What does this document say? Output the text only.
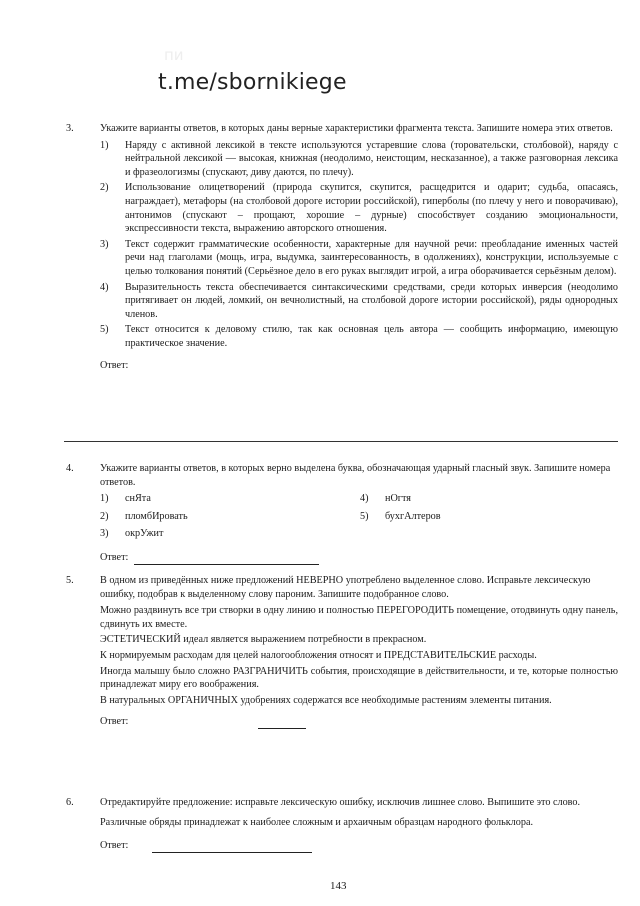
пи
t.me/sbornikiege
3.	Укажите варианты ответов, в которых даны верные характеристики фрагмента текста. Запишите номера этих ответов.

1)	Наряду с активной лексикой в тексте используются устаревшие слова (торовательски, столбовой), наряду с нейтральной лексикой — высокая, книжная (неодолимо, неистощим, несказанное), а также разговорная лексика и фразеологизмы (спускают, диву даются, по плечу).
2)	Использование олицетворений (природа скупится, скупится, расщедрится и одарит; судьба, опасаясь, награждает), метафоры (на столбовой дороге истории российской), гиперболы (по плечу у него и поворачиваю), антонимов (спускают – прощают, хорошие – дурные) способствует созданию эмоциональности, экспрессивности текста, выражению авторского отношения.
3)	Текст содержит грамматические особенности, характерные для научной речи: преобладание именных частей речи над глаголами (мощь, игра, выдумка, заинтересованность, в одолжениях), конструкции, используемые с целью толкования понятий (Серьёзное дело в его руках выглядит игрой, а игра оборачивается серьёзным делом).
4)	Выразительность текста обеспечивается синтаксическими средствами, среди которых инверсия (неодолимо притягивает он людей, ломкий, он вечнолистный, на столбовой дороге истории российской), ряды однородных членов.
5)	Текст относится к деловому стилю, так как основная цель автора — сообщить информацию, имеющую практическое значение.
Ответ:
4.	Укажите варианты ответов, в которых верно выделена буква, обозначающая ударный гласный звук. Запишите номера ответов.

1)	снЯта	4)	нОгтя
2)	пломбИровать	5)	бухгАлтеров
3)	окрУжит
Ответ:
5.	В одном из приведённых ниже предложений НЕВЕРНО употреблено выделенное слово. Исправьте лексическую ошибку, подобрав к выделенному слову пароним. Запишите подобранное слово.

Можно раздвинуть все три створки в одну линию и полностью ПЕРЕГОРОДИТЬ помещение, отодвинуть одну панель, сдвинуть их вместе.

ЭСТЕТИЧЕСКИЙ идеал является выражением потребности в прекрасном.

К нормируемым расходам для целей налогообложения относят и ПРЕДСТАВИТЕЛЬСКИЕ расходы.

Иногда малышу было сложно РАЗГРАНИЧИТЬ события, происходящие в действительности, и те, которые полностью принадлежат миру его воображения.

В натуральных ОРГАНИЧНЫХ удобрениях содержатся все необходимые растениям элементы питания.

Ответ:
6.	Отредактируйте предложение: исправьте лексическую ошибку, исключив лишнее слово. Выпишите это слово.

Различные обряды принадлежат к наиболее сложным и архаичным образцам народного фольклора.

Ответ:
143
